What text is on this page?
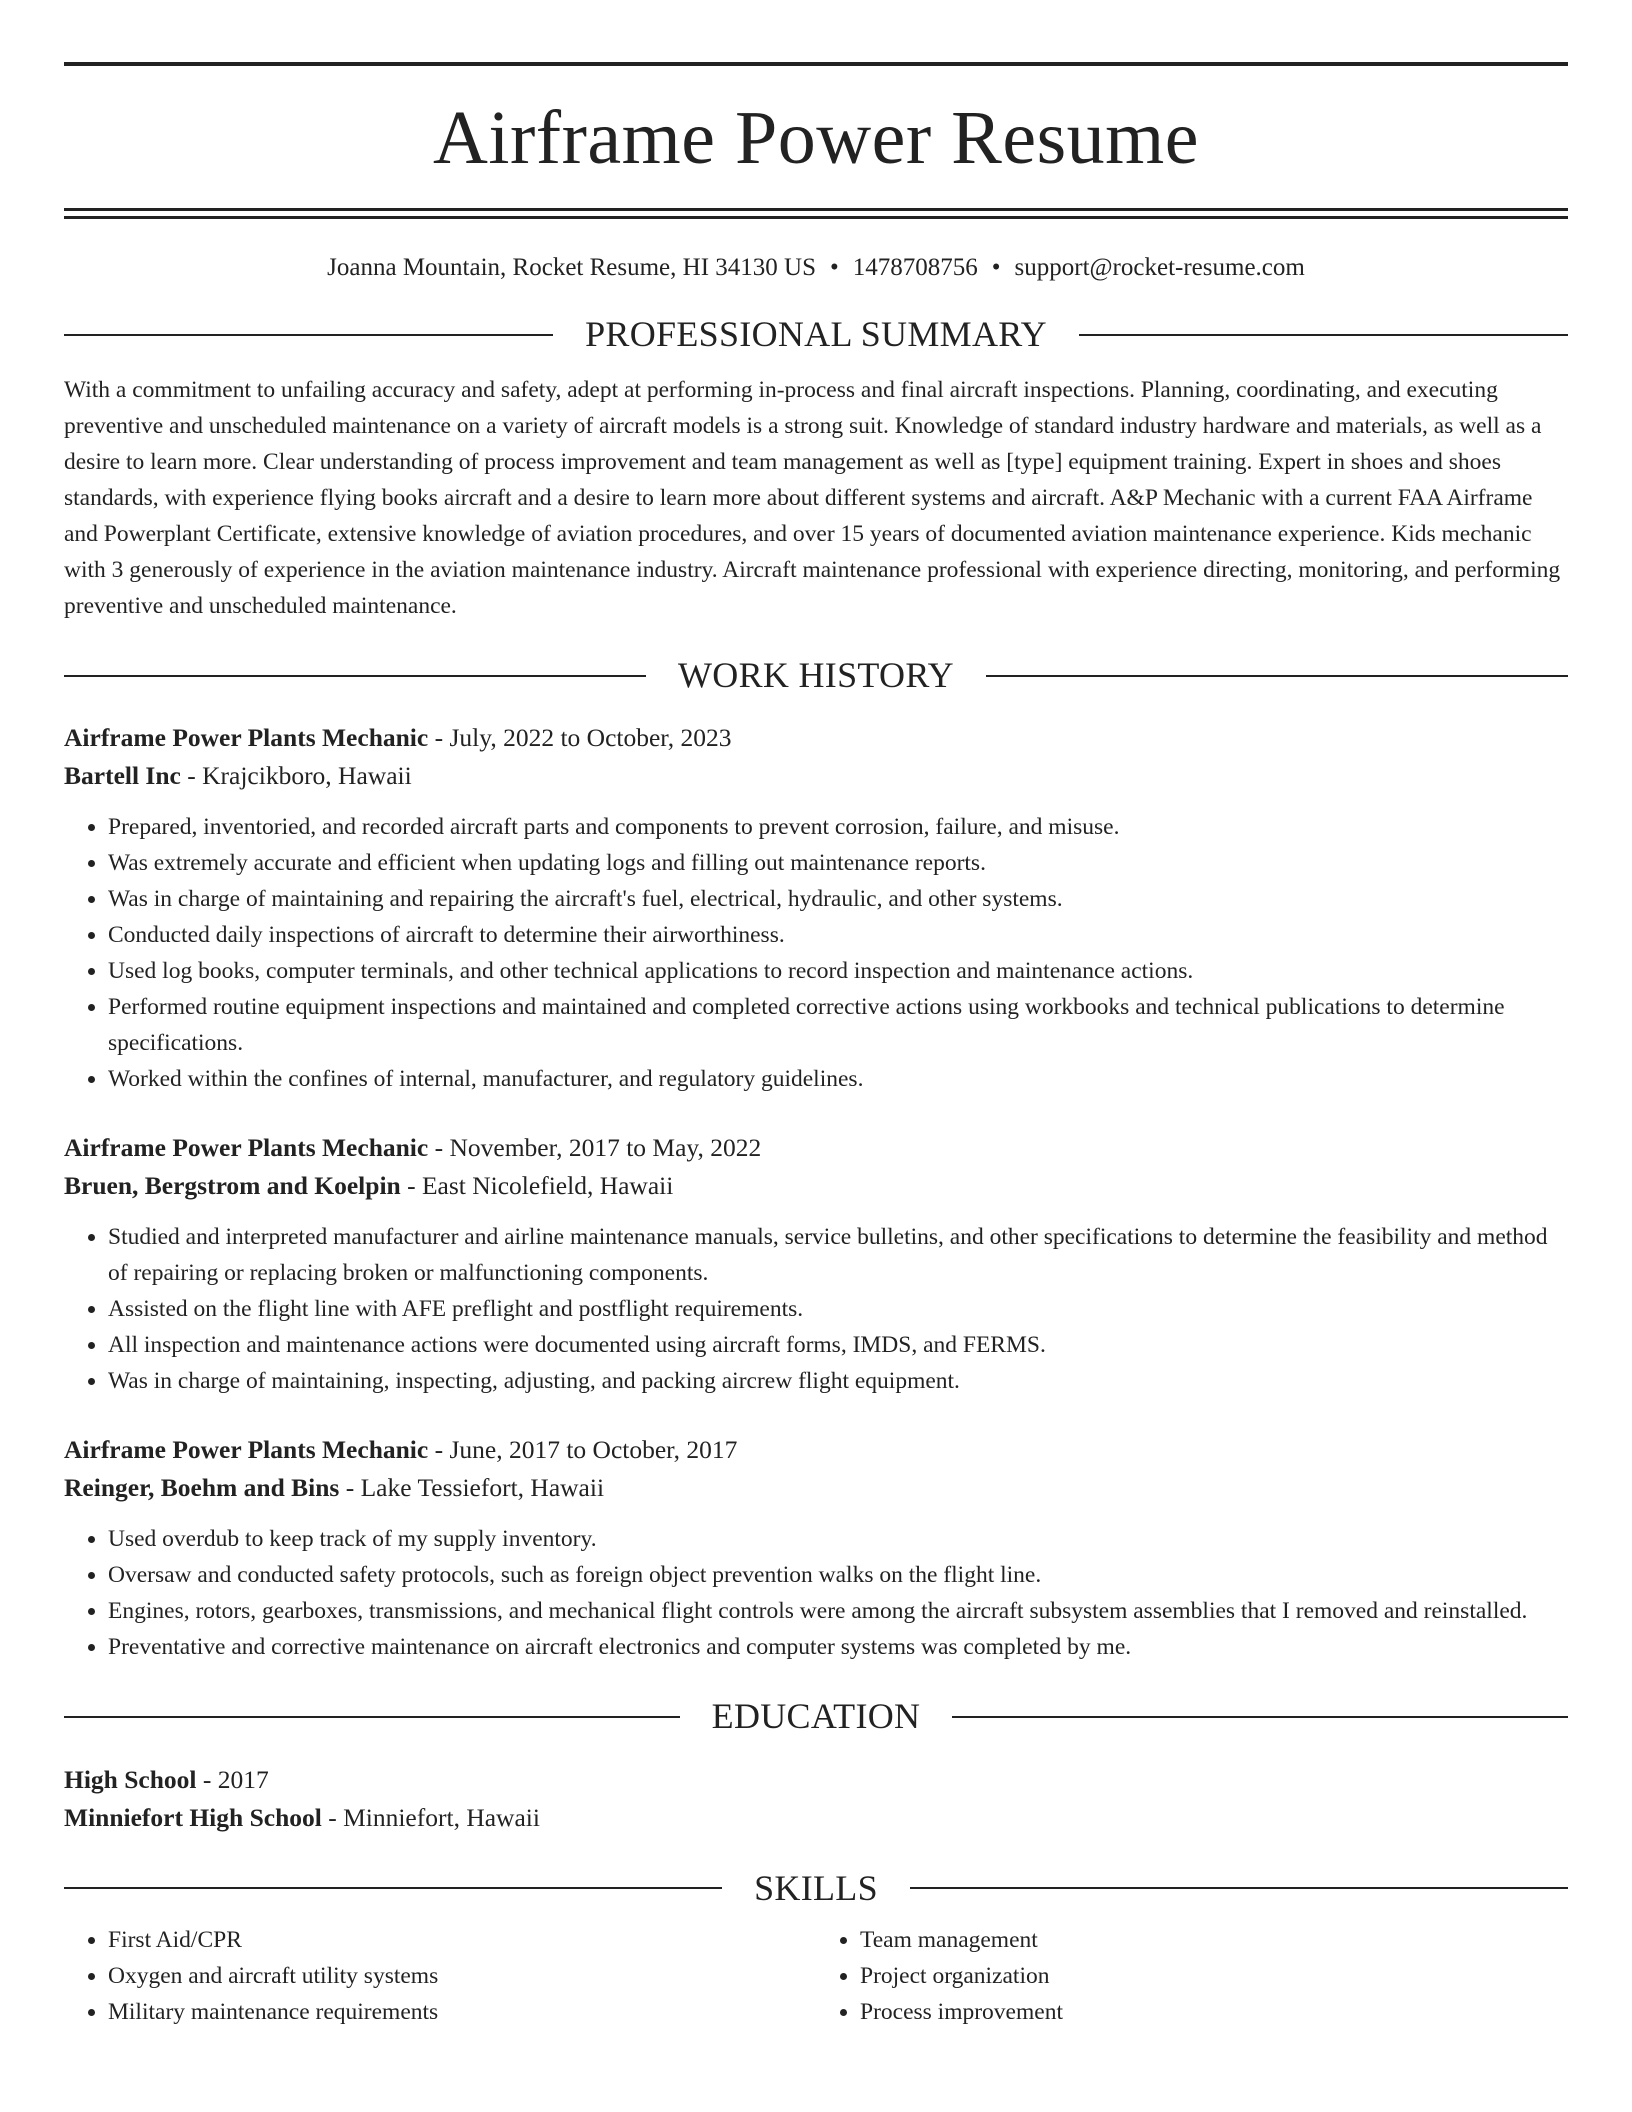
Airframe Power Resume
Joanna Mountain, Rocket Resume, HI 34130 US • 1478708756 • support@rocket-resume.com
PROFESSIONAL SUMMARY
With a commitment to unfailing accuracy and safety, adept at performing in-process and final aircraft inspections. Planning, coordinating, and executing preventive and unscheduled maintenance on a variety of aircraft models is a strong suit. Knowledge of standard industry hardware and materials, as well as a desire to learn more. Clear understanding of process improvement and team management as well as [type] equipment training. Expert in shoes and shoes standards, with experience flying books aircraft and a desire to learn more about different systems and aircraft. A&P Mechanic with a current FAA Airframe and Powerplant Certificate, extensive knowledge of aviation procedures, and over 15 years of documented aviation maintenance experience. Kids mechanic with 3 generously of experience in the aviation maintenance industry. Aircraft maintenance professional with experience directing, monitoring, and performing preventive and unscheduled maintenance.
WORK HISTORY
Airframe Power Plants Mechanic - July, 2022 to October, 2023
Bartell Inc - Krajcikboro, Hawaii
• Prepared, inventoried, and recorded aircraft parts and components to prevent corrosion, failure, and misuse.
• Was extremely accurate and efficient when updating logs and filling out maintenance reports.
• Was in charge of maintaining and repairing the aircraft's fuel, electrical, hydraulic, and other systems.
• Conducted daily inspections of aircraft to determine their airworthiness.
• Used log books, computer terminals, and other technical applications to record inspection and maintenance actions.
• Performed routine equipment inspections and maintained and completed corrective actions using workbooks and technical publications to determine specifications.
• Worked within the confines of internal, manufacturer, and regulatory guidelines.
Airframe Power Plants Mechanic - November, 2017 to May, 2022
Bruen, Bergstrom and Koelpin - East Nicolefield, Hawaii
• Studied and interpreted manufacturer and airline maintenance manuals, service bulletins, and other specifications to determine the feasibility and method of repairing or replacing broken or malfunctioning components.
• Assisted on the flight line with AFE preflight and postflight requirements.
• All inspection and maintenance actions were documented using aircraft forms, IMDS, and FERMS.
• Was in charge of maintaining, inspecting, adjusting, and packing aircrew flight equipment.
Airframe Power Plants Mechanic - June, 2017 to October, 2017
Reinger, Boehm and Bins - Lake Tessiefort, Hawaii
• Used overdub to keep track of my supply inventory.
• Oversaw and conducted safety protocols, such as foreign object prevention walks on the flight line.
• Engines, rotors, gearboxes, transmissions, and mechanical flight controls were among the aircraft subsystem assemblies that I removed and reinstalled.
• Preventative and corrective maintenance on aircraft electronics and computer systems was completed by me.
EDUCATION
High School - 2017
Minniefort High School - Minniefort, Hawaii
SKILLS
• First Aid/CPR
• Oxygen and aircraft utility systems
• Military maintenance requirements
• Team management
• Project organization
• Process improvement
